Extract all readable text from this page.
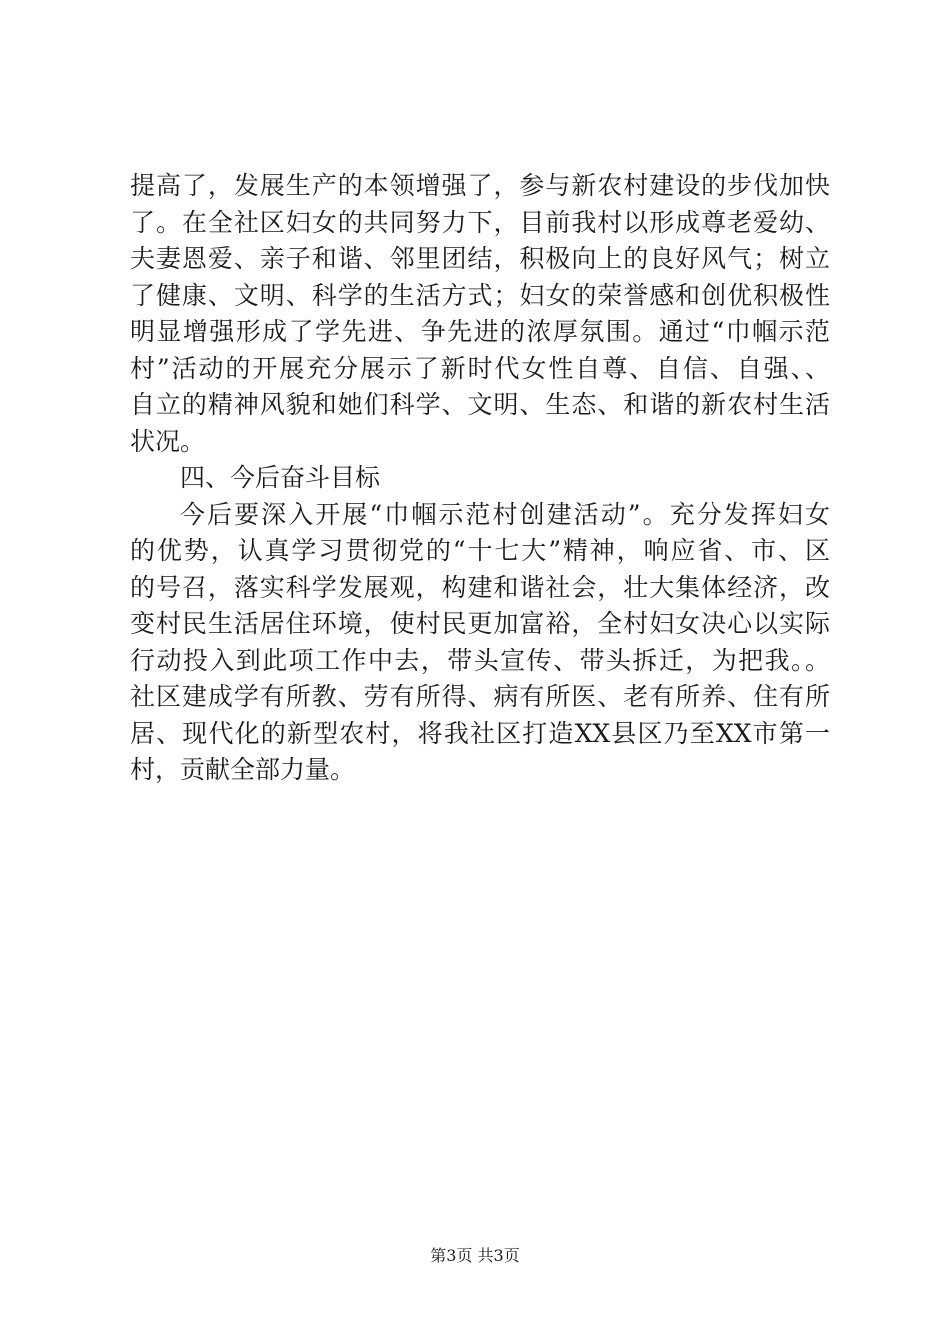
提高了，发展生产的本领增强了，参与新农村建设的步伐加快
了。在全社区妇女的共同努力下，目前我村以形成尊老爱幼、
夫妻恩爱、亲子和谐、邻里团结，积极向上的良好风气；树立
了健康、文明、科学的生活方式；妇女的荣誉感和创优积极性
明显增强形成了学先进、争先进的浓厚氛围。通过“巾帼示范
村”活动的开展充分展示了新时代女性自尊、自信、自强、、
自立的精神风貌和她们科学、文明、生态、和谐的新农村生活
状况。
四、今后奋斗目标
今后要深入开展“巾帼示范村创建活动”。充分发挥妇女
的优势，认真学习贯彻党的“十七大”精神，响应省、市、区
的号召，落实科学发展观，构建和谐社会，壮大集体经济，改
变村民生活居住环境，使村民更加富裕，全村妇女决心以实际
行动投入到此项工作中去，带头宣传、带头拆迁，为把我。。
社区建成学有所教、劳有所得、病有所医、老有所养、住有所
居、现代化的新型农村，将我社区打造XX县区乃至XX市第一
村，贡献全部力量。
第3页 共3页
